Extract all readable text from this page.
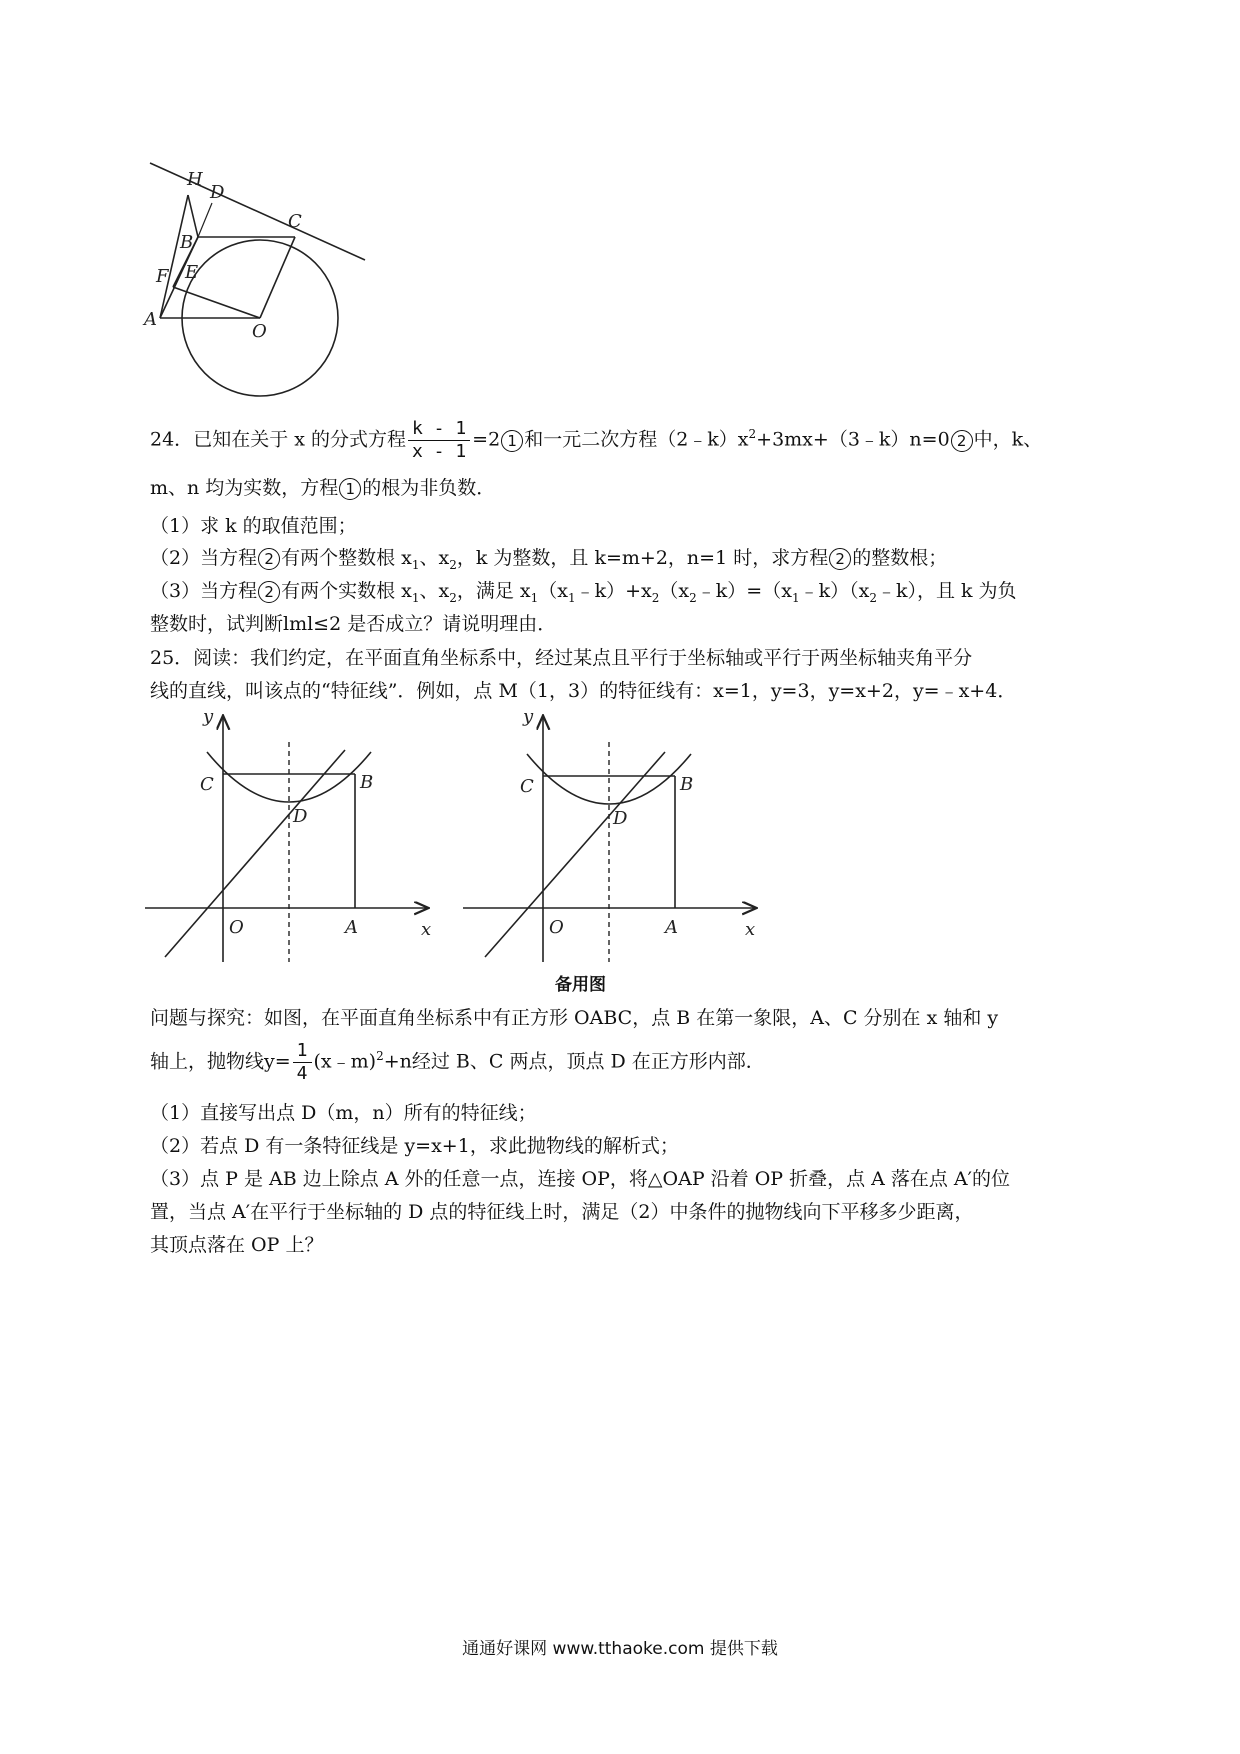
H
D
B
C
F E
A
O
24．已知在关于 x 的分式方程 $\frac{k - 1}{x - 1} =2$ 1 和一元二次方程$(2﹣k)x^2+3mx+(3﹣k)n=0$ 2 中，k、
m、n 均为实数，方程 1 的根为非负数．
（1）求 k 的取值范围；
（2）当方程 2 有两个整数根 $x_1$、$x_2$，k 为整数，且 k=m+2，n=1 时，求方程 2 的整数根；
（3）当方程 2 有两个实数根 $x_1$、$x_2$，满足 $x_1(x_1﹣k)+x_2(x_2﹣k)=(x_1﹣k)(x_2﹣k)$，且 k 为负
整数时，试判断lml≤2 是否成立？请说明理由．
25．阅读：我们约定，在平面直角坐标系中，经过某点且平行于坐标轴或平行于两坐标轴夹角平分
线的直线，叫该点的“特征线”．例如，点 M（1，3）的特征线有：x=1，y=3，y=x+2，y=﹣x+4．
y
C	B
D
O	A	x
y
C	B
D
O	A	x
备用图
问题与探究：如图，在平面直角坐标系中有正方形 OABC，点 B 在第一象限，A、C 分别在 x 轴和 y
轴上，抛物线$y= \frac{1}{4}$ (x﹣m)$^2$+n经过 B、C 两点，顶点 D 在正方形内部．
（1）直接写出点 D（m，n）所有的特征线；
（2）若点 D 有一条特征线是 y=x+1，求此抛物线的解析式；
（3）点 P 是 AB 边上除点 A 外的任意一点，连接 OP，将△OAP 沿着 OP 折叠，点 A 落在点 A′的位
置，当点 A′在平行于坐标轴的 D 点的特征线上时，满足（2）中条件的抛物线向下平移多少距离，
其顶点落在 OP 上？
通通好课网 www.tthaoke.com 提供下载
